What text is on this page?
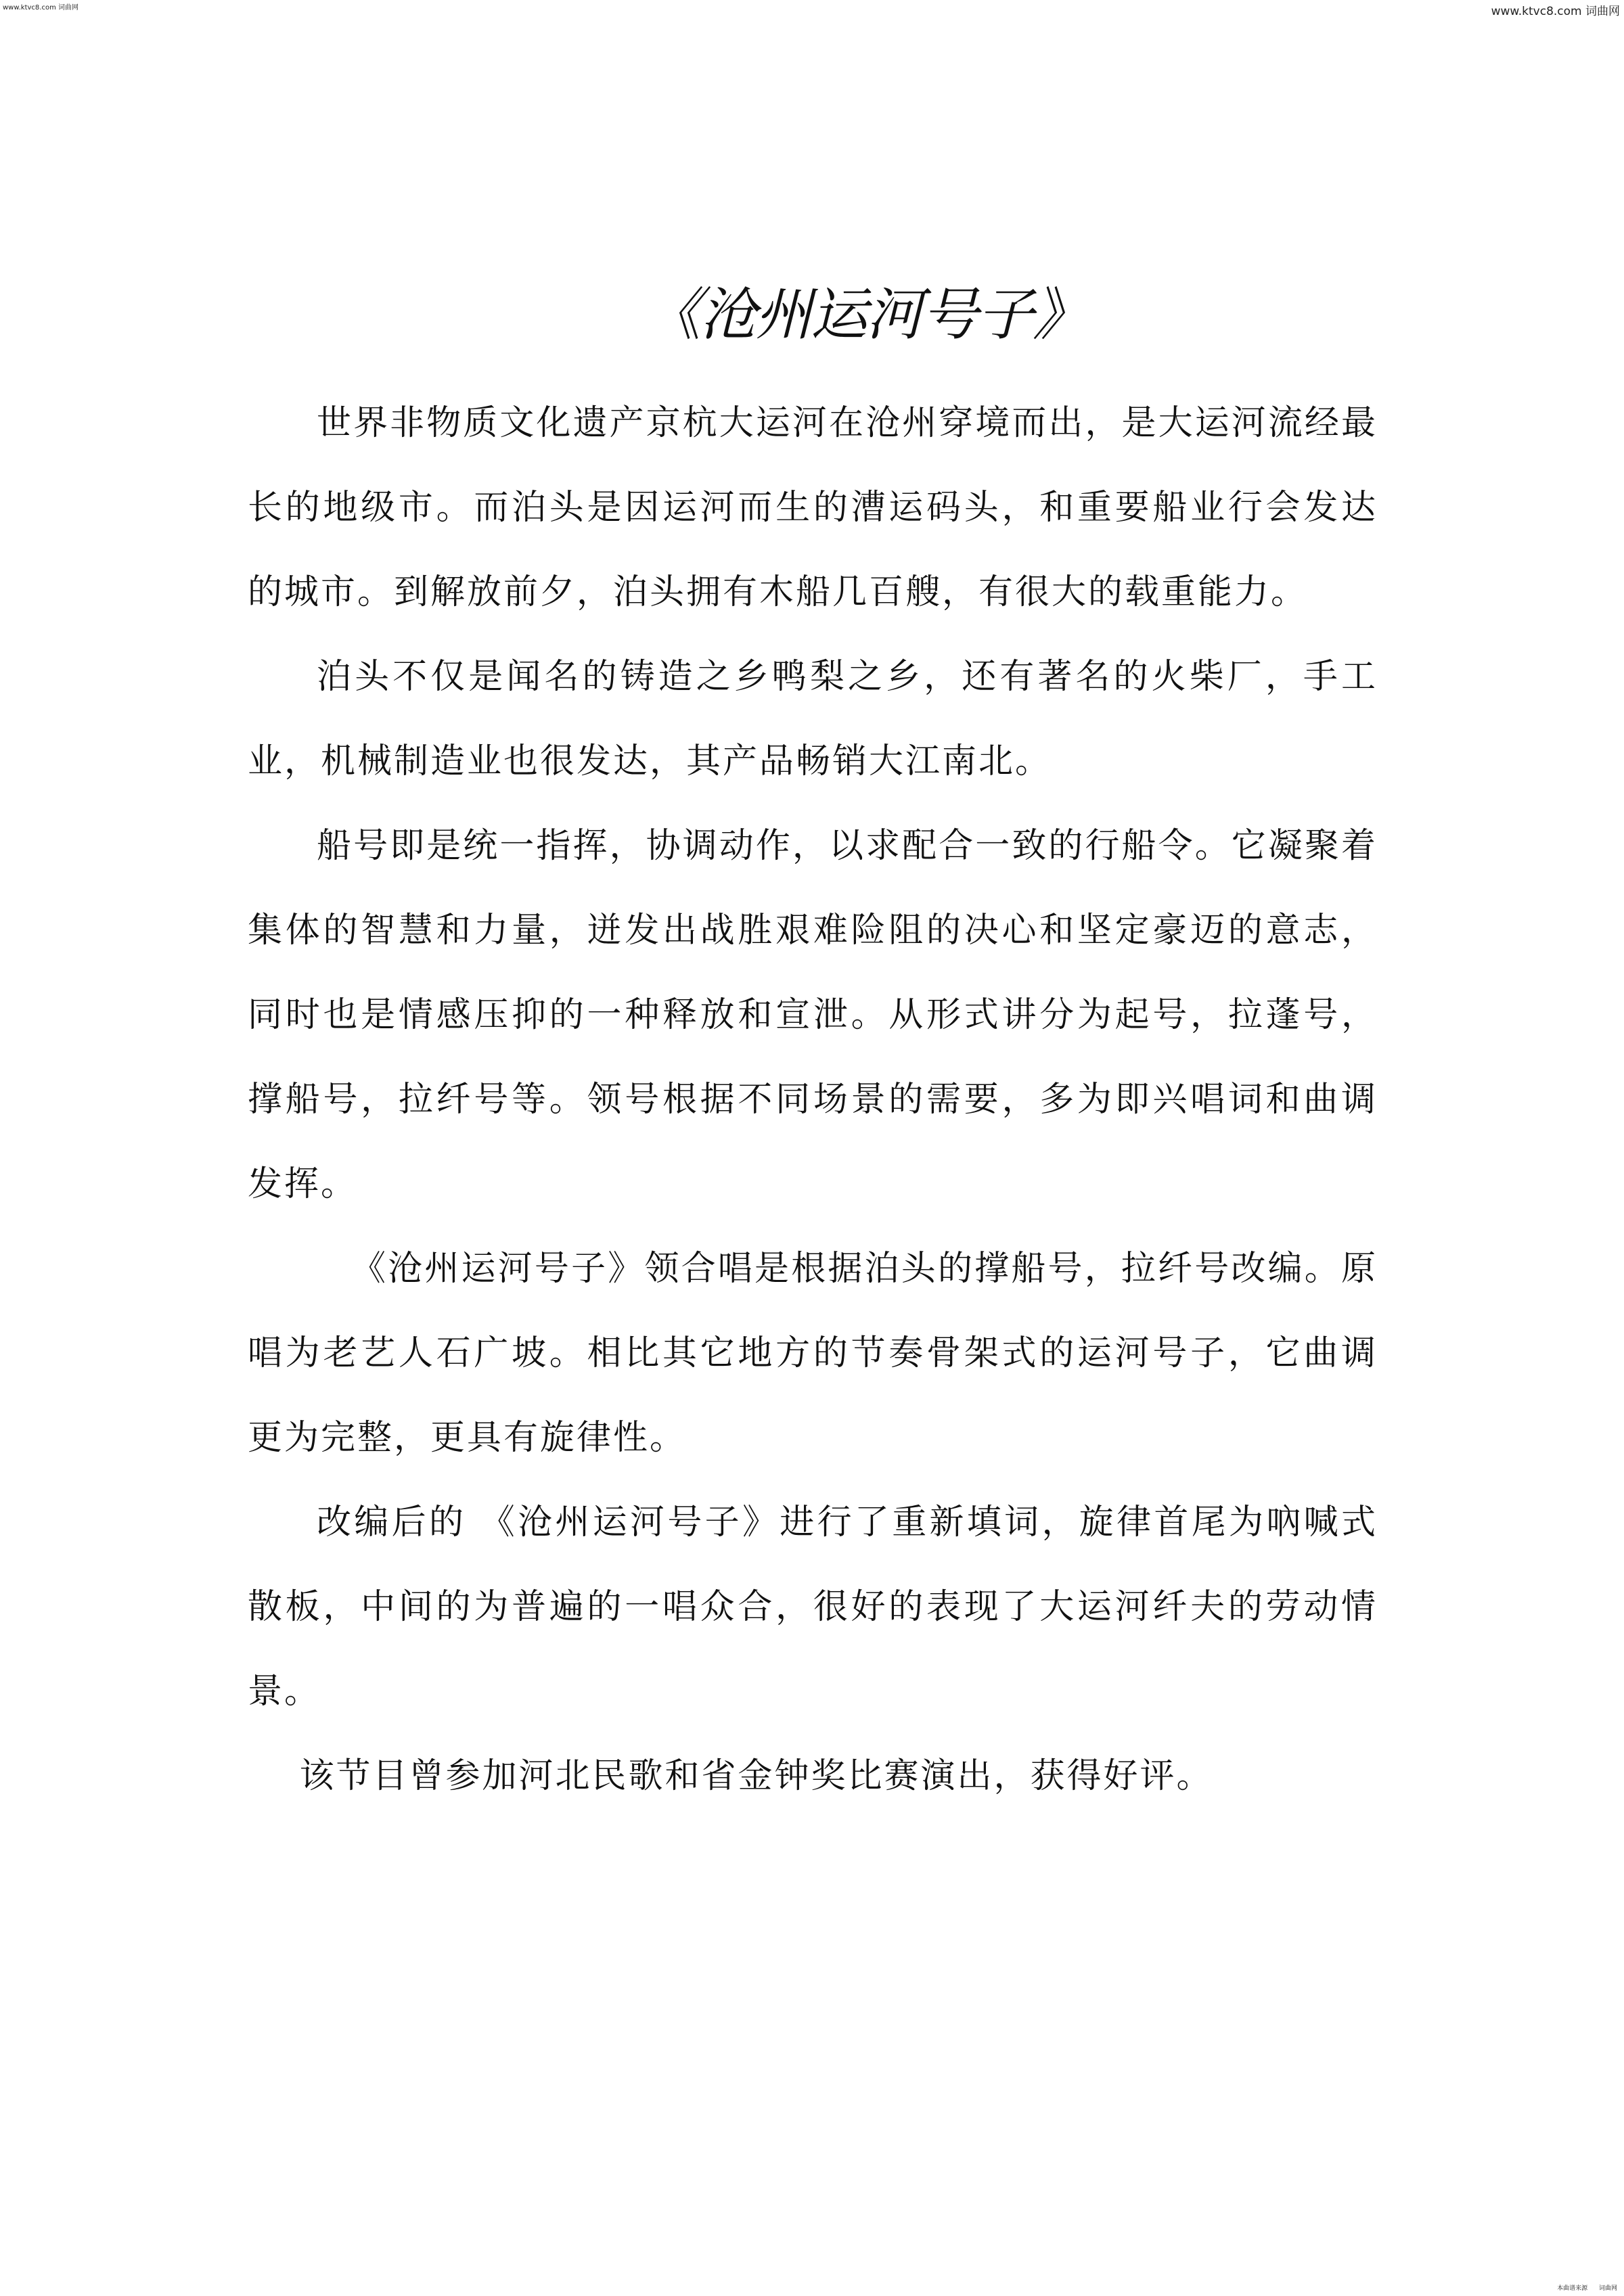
www.ktvc8.com 词曲网	www.ktvc8.com 词曲网
《沧州运河号子》

世界非物质文化遗产京杭大运河在沧州穿境而出，是大运河流经最长的地级市。而泊头是因运河而生的漕运码头，和重要船业行会发达的城市。到解放前夕，泊头拥有木船几百艘，有很大的载重能力。

泊头不仅是闻名的铸造之乡鸭梨之乡，还有著名的火柴厂，手工业，机械制造业也很发达，其产品畅销大江南北。

船号即是统一指挥，协调动作，以求配合一致的行船令。它凝聚着集体的智慧和力量，迸发出战胜艰难险阻的决心和坚定豪迈的意志，同时也是情感压抑的一种释放和宣泄。从形式讲分为起号，拉蓬号，撑船号，拉纤号等。领号根据不同场景的需要，多为即兴唱词和曲调发挥。

《沧州运河号子》领合唱是根据泊头的撑船号，拉纤号改编。原唱为老艺人石广坡。相比其它地方的节奏骨架式的运河号子，它曲调更为完整，更具有旋律性。

改编后的 《沧州运河号子》进行了重新填词，旋律首尾为吶喊式散板，中间的为普遍的一唱众合，很好的表现了大运河纤夫的劳动情景。

该节目曾参加河北民歌和省金钟奖比赛演出，获得好评。

本曲谱来源 词曲网
